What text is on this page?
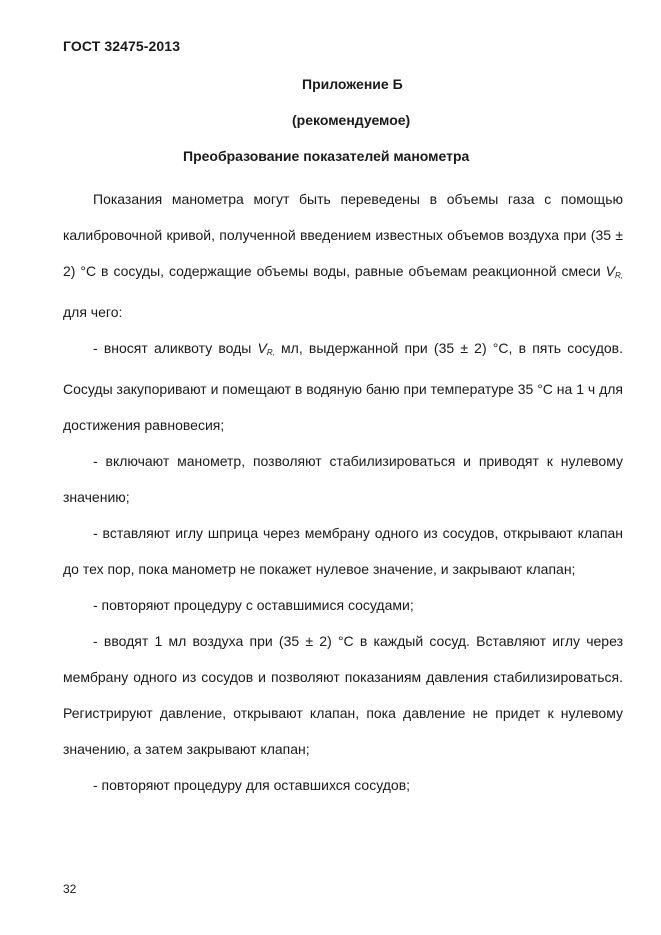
ГОСТ 32475-2013
Приложение Б
(рекомендуемое)
Преобразование показателей манометра

Показания манометра могут быть переведены в объемы газа с помощью калибровочной кривой, полученной введением известных объемов воздуха при (35 ± 2) °С в сосуды, содержащие объемы воды, равные объемам реакционной смеси $V_{R,}$ для чего:

- вносят аликвоту воды $V_{R,}$ мл, выдержанной при (35 ± 2) °С, в пять сосудов. Сосуды закупоривают и помещают в водяную баню при температуре 35 °С на 1 ч для достижения равновесия;

- включают манометр, позволяют стабилизироваться и приводят к нулевому значению;

- вставляют иглу шприца через мембрану одного из сосудов, открывают клапан до тех пор, пока манометр не покажет нулевое значение, и закрывают клапан;

- повторяют процедуру с оставшимися сосудами;

- вводят 1 мл воздуха при (35 ± 2) °С в каждый сосуд. Вставляют иглу через мембрану одного из сосудов и позволяют показаниям давления стабилизироваться. Регистрируют давление, открывают клапан, пока давление не придет к нулевому значению, а затем закрывают клапан;

- повторяют процедуру для оставшихся сосудов;

32
